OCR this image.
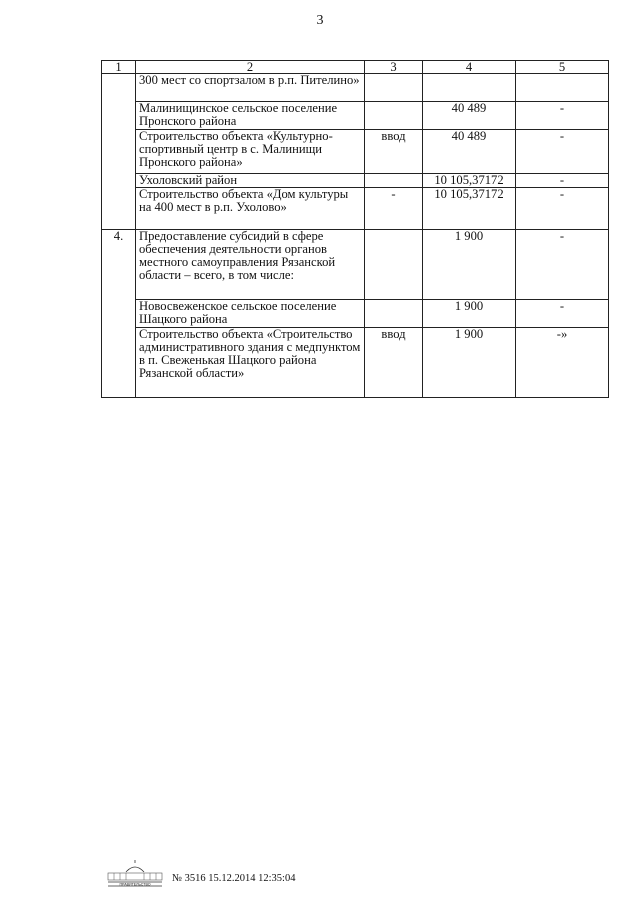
3
1	2	3	4	5
	300 мест со спортзалом в р.п. Пителино»			
	Малинищинское сельское поселение Пронского района		40 489	-
	Строительство объекта «Культурно-спортивный центр в с. Малинищи Пронского района»	ввод	40 489	-
	Ухоловский район		10 105,37172	-
	Строительство объекта «Дом культуры на 400 мест в р.п. Ухолово»	-	10 105,37172	-
4.	Предоставление субсидий в сфере обеспечения деятельности органов местного самоуправления Рязанской области – всего, в том числе:		1 900	-
	Новосвеженское сельское поселение Шацкого района		1 900	-
	Строительство объекта «Строительство административного здания с медпунктом в п. Свеженькая Шацкого района Рязанской области»	ввод	1 900	-»
ПРАВИТЕЛЬСТВО
№ 3516 15.12.2014 12:35:04
